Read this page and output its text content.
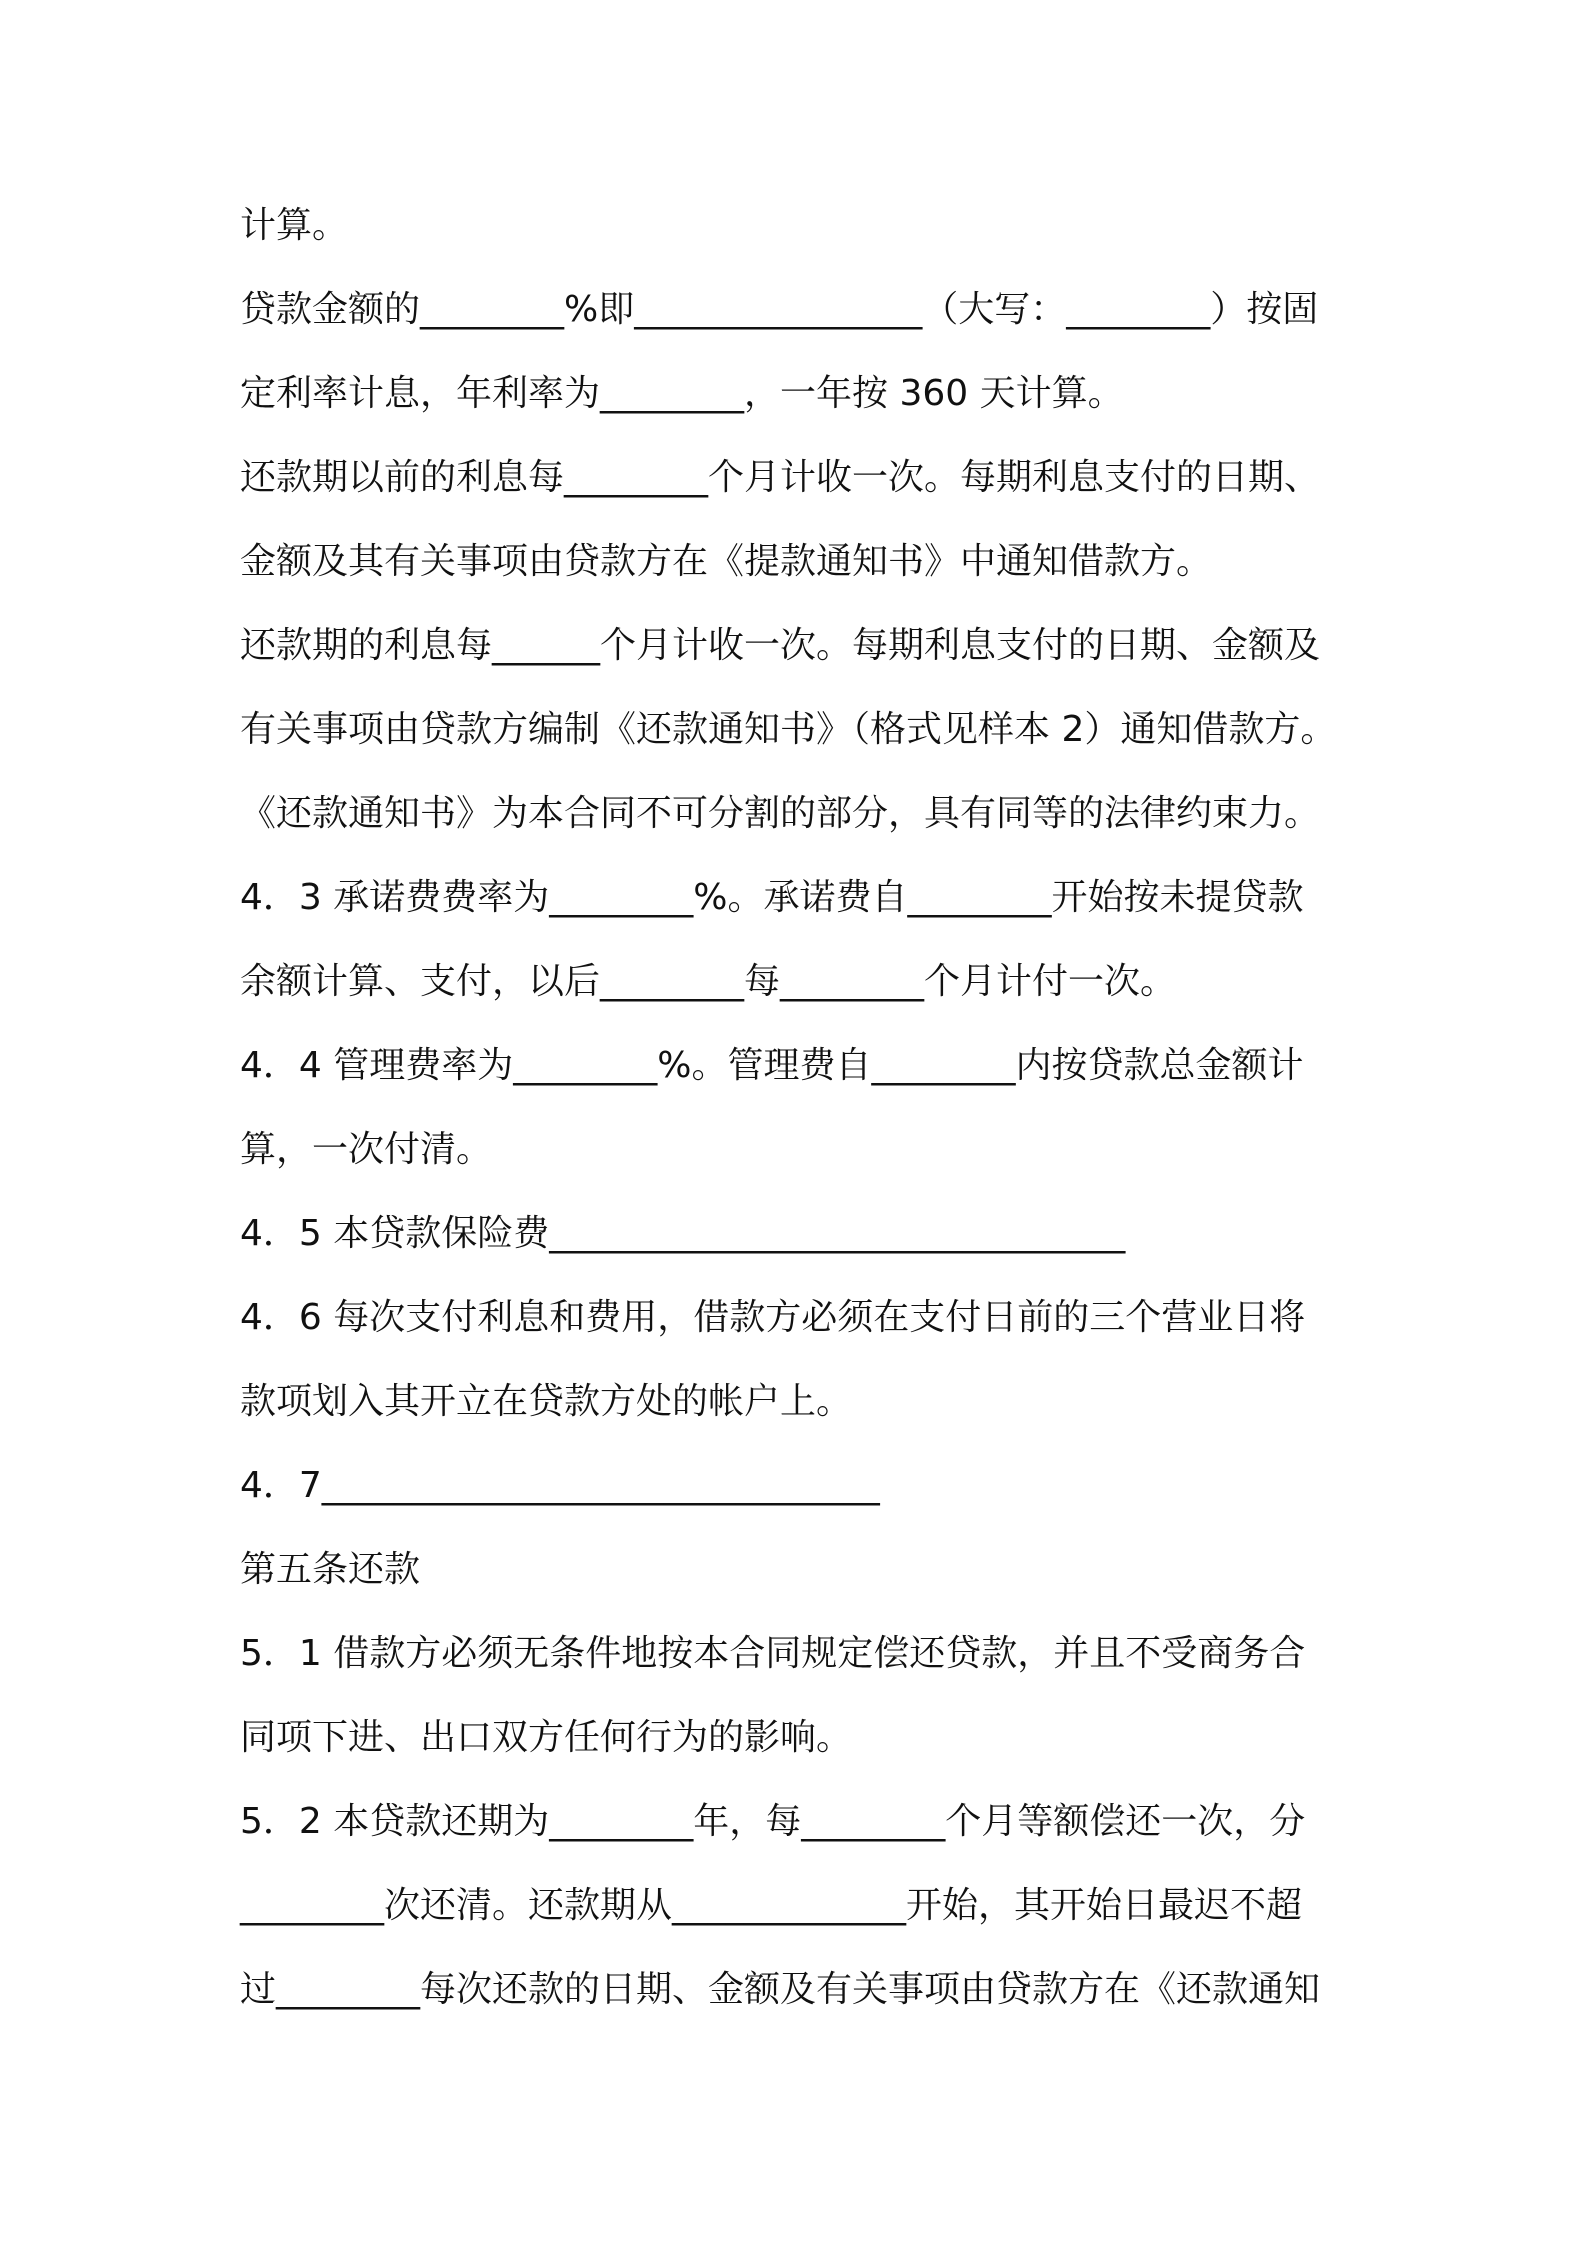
计算。
贷款金额的________%即________________（大写：________）按固
定利率计息，年利率为________，一年按 360 天计算。
还款期以前的利息每________个月计收一次。每期利息支付的日期、
金额及其有关事项由贷款方在《提款通知书》中通知借款方。
还款期的利息每______个月计收一次。每期利息支付的日期、金额及
有关事项由贷款方编制《还款通知书》（格式见样本 2）通知借款方。
《还款通知书》为本合同不可分割的部分，具有同等的法律约束力。
4．3 承诺费费率为________%。承诺费自________开始按未提贷款
余额计算、支付，以后________每________个月计付一次。
4．4 管理费率为________%。管理费自________内按贷款总金额计
算，一次付清。
4．5 本贷款保险费________________________________
4．6 每次支付利息和费用，借款方必须在支付日前的三个营业日将
款项划入其开立在贷款方处的帐户上。
4．7_______________________________
第五条还款
5．1 借款方必须无条件地按本合同规定偿还贷款，并且不受商务合
同项下进、出口双方任何行为的影响。
5．2 本贷款还期为________年，每________个月等额偿还一次，分
________次还清。还款期从_____________开始，其开始日最迟不超
过________每次还款的日期、金额及有关事项由贷款方在《还款通知
